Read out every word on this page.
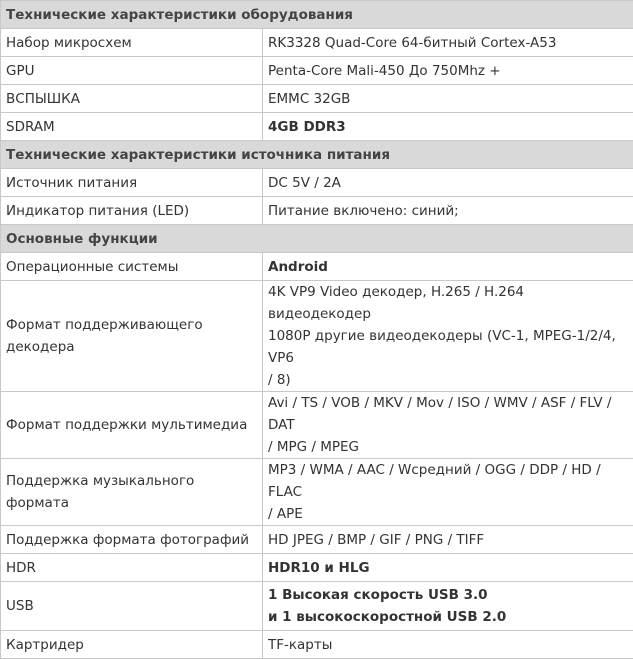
Технические характеристики оборудования	
Набор микросхем	RK3328 Quad-Core 64-битный Cortex-A53
GPU	Penta-Core Mali-450 До 750Mhz +
ВСПЫШКА	EMMC 32GB
SDRAM	4GB DDR3
Технические характеристики источника питания	
Источник питания	DC 5V / 2A
Индикатор питания (LED)	Питание включено: синий;
Основные функции	
Операционные системы	Android
Формат поддерживающего декодера	4K VP9 Video декодер, H.265 / H.264 видеодекодер
1080P другие видеодекодеры (VC-1, MPEG-1/2/4, VP6
/ 8)

Формат поддержки мультимедиа	Avi / TS / VOB / MKV / Mov / ISO / WMV / ASF / FLV / DAT
/ MPG / MPEG

Поддержка музыкального формата	MP3 / WMA / AAC / Wсредний / OGG / DDP / HD / FLAC
/ APE

Поддержка формата фотографий	HD JPEG / BMP / GIF / PNG / TIFF
HDR	HDR10 и HLG
USB	1 Высокая скорость USB 3.0
и 1 высокоскоростной USB 2.0

Картридер	TF-карты
